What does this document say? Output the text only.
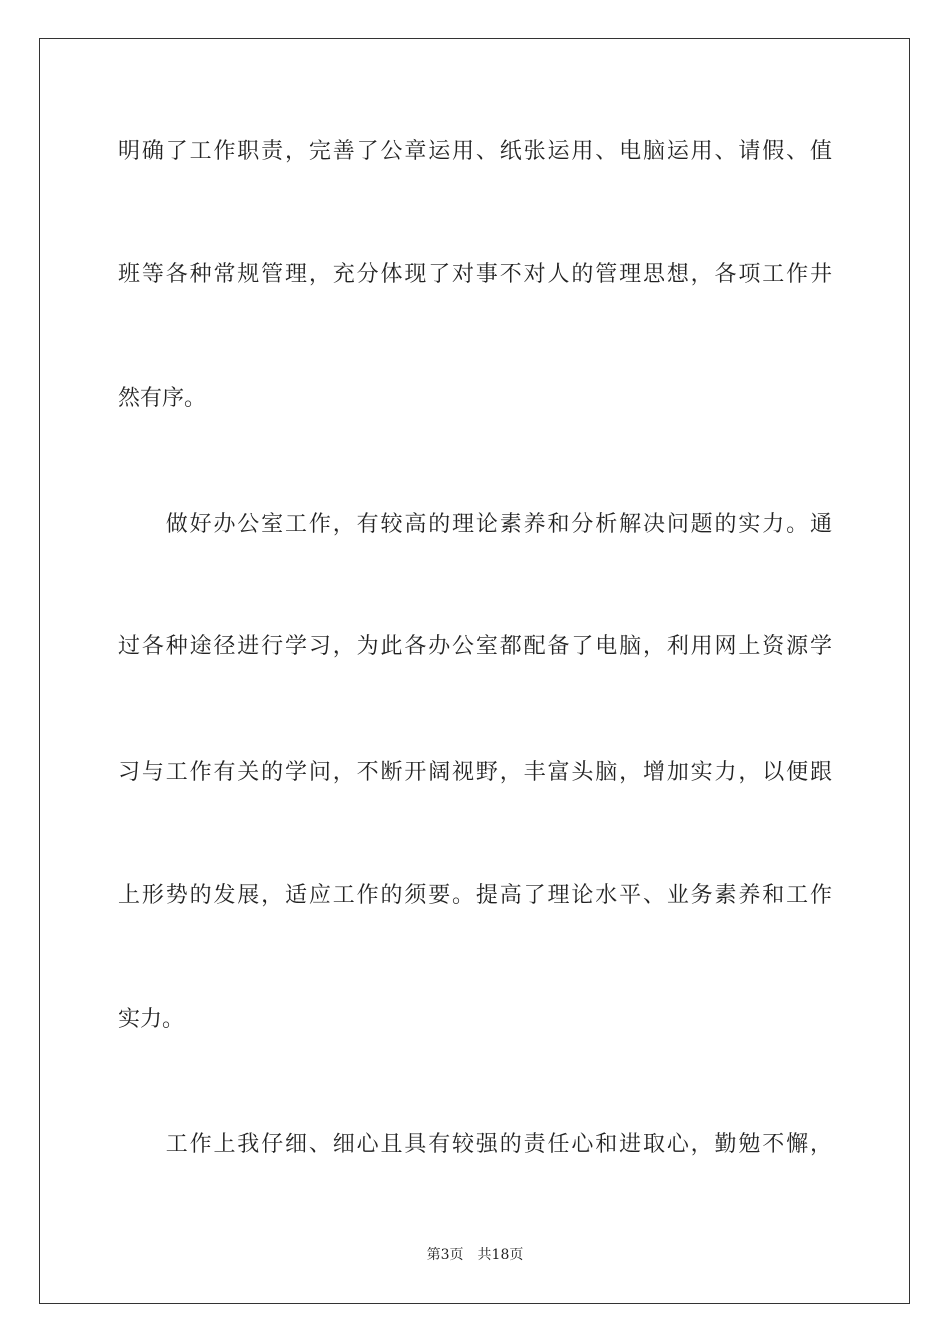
明确了工作职责，完善了公章运用、纸张运用、电脑运用、请假、值
班等各种常规管理，充分体现了对事不对人的管理思想，各项工作井
然有序。
　　做好办公室工作，有较高的理论素养和分析解决问题的实力。通
过各种途径进行学习，为此各办公室都配备了电脑，利用网上资源学
习与工作有关的学问，不断开阔视野，丰富头脑，增加实力，以便跟
上形势的发展，适应工作的须要。提高了理论水平、业务素养和工作
实力。
　　工作上我仔细、细心且具有较强的责任心和进取心，勤勉不懈，
第3页　共18页
